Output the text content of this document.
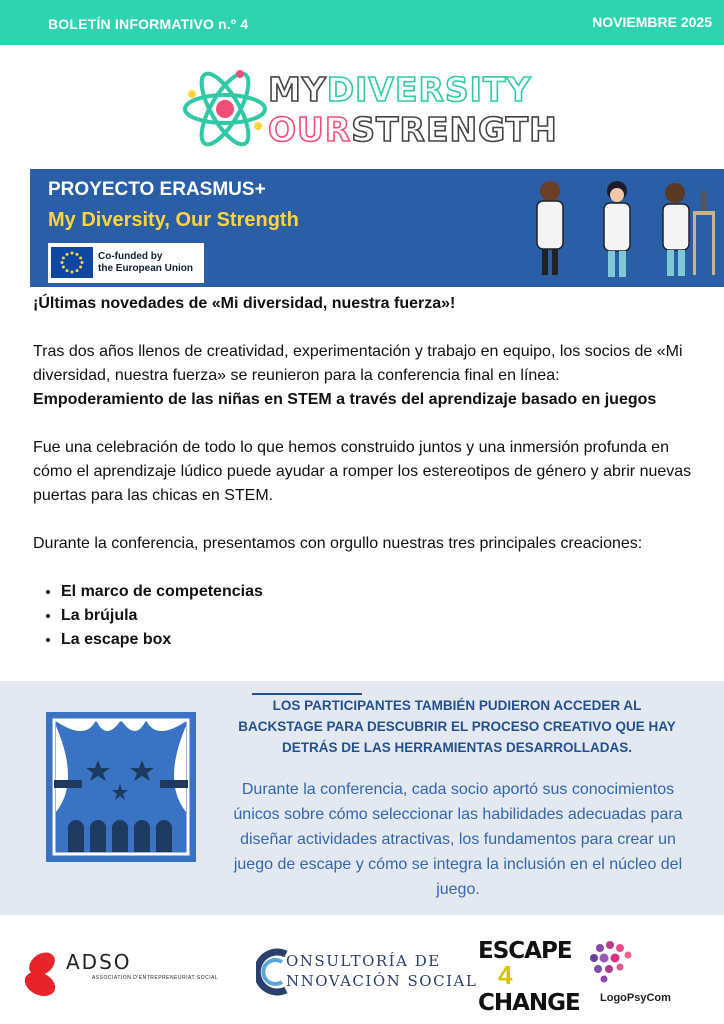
BOLETÍN INFORMATIVO n.º 4	NOVIEMBRE 2025
MYDIVERSITY
OURSTRENGTH
PROYECTO ERASMUS+
My Diversity, Our Strength
Co-funded by
the European Union

¡Últimas novedades de «Mi diversidad, nuestra fuerza»!

Tras dos años llenos de creatividad, experimentación y trabajo en equipo, los socios de «Mi diversidad, nuestra fuerza» se reunieron para la conferencia final en línea:

Empoderamiento de las niñas en STEM a través del aprendizaje basado en juegos

Fue una celebración de todo lo que hemos construido juntos y una inmersión profunda en cómo el aprendizaje lúdico puede ayudar a romper los estereotipos de género y abrir nuevas puertas para las chicas en STEM.

Durante la conferencia, presentamos con orgullo nuestras tres principales creaciones:

• El marco de competencias
• La brújula
• La escape box
LOS PARTICIPANTES TAMBIÉN PUDIERON ACCEDER AL BACKSTAGE PARA DESCUBRIR EL PROCESO CREATIVO QUE HAY DETRÁS DE LAS HERRAMIENTAS DESARROLLADAS.
Durante la conferencia, cada socio aportó sus conocimientos únicos sobre cómo seleccionar las habilidades adecuadas para diseñar actividades atractivas, los fundamentos para crear un juego de escape y cómo se integra la inclusión en el núcleo del juego.
ADSO
ASSOCIATION D'ENTREPRENEURIAT SOCIAL
ONSULTORÍA DE
NNOVACIÓN SOCIAL
ESCAPE
4
CHANGE LogoPsyCom
